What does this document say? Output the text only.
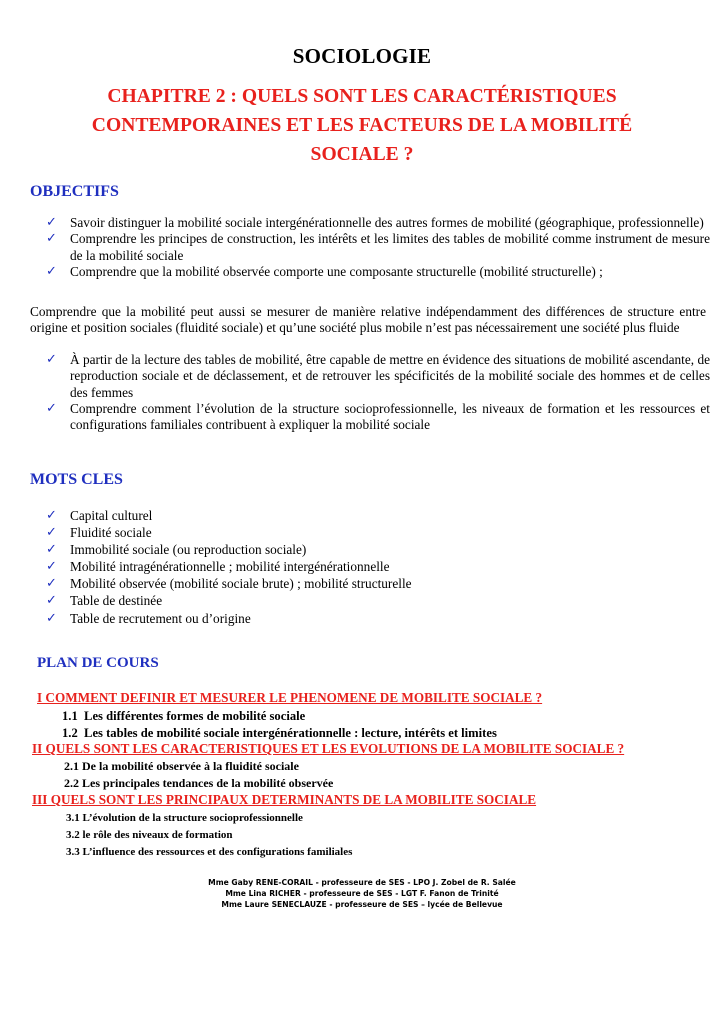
SOCIOLOGIE
CHAPITRE 2 : QUELS SONT LES CARACTÉRISTIQUES
CONTEMPORAINES ET LES FACTEURS DE LA MOBILITÉ
SOCIALE ?
OBJECTIFS
✓ Savoir distinguer la mobilité sociale intergénérationnelle des autres formes de mobilité (géographique, professionnelle)
✓ Comprendre les principes de construction, les intérêts et les limites des tables de mobilité comme instrument de mesure de la mobilité sociale
✓ Comprendre que la mobilité observée comporte une composante structurelle (mobilité structurelle) ;
Comprendre que la mobilité peut aussi se mesurer de manière relative indépendamment des différences de structure entre origine et position sociales (fluidité sociale) et qu’une société plus mobile n’est pas nécessairement une société plus fluide
✓ À partir de la lecture des tables de mobilité, être capable de mettre en évidence des situations de mobilité ascendante, de reproduction sociale et de déclassement, et de retrouver les spécificités de la mobilité sociale des hommes et de celles des femmes
✓ Comprendre comment l’évolution de la structure socioprofessionnelle, les niveaux de formation et les ressources et configurations familiales contribuent à expliquer la mobilité sociale
MOTS CLES
✓ Capital culturel
✓ Fluidité sociale
✓ Immobilité sociale (ou reproduction sociale)
✓ Mobilité intragénérationnelle ; mobilité intergénérationnelle
✓ Mobilité observée (mobilité sociale brute) ; mobilité structurelle
✓ Table de destinée
✓ Table de recrutement ou d’origine
PLAN DE COURS
I COMMENT DEFINIR ET MESURER LE PHENOMENE DE MOBILITE SOCIALE ?
1.1 Les différentes formes de mobilité sociale
1.2 Les tables de mobilité sociale intergénérationnelle : lecture, intérêts et limites
II QUELS SONT LES CARACTERISTIQUES ET LES EVOLUTIONS DE LA MOBILITE SOCIALE ?
2.1 De la mobilité observée à la fluidité sociale
2.2 Les principales tendances de la mobilité observée
III QUELS SONT LES PRINCIPAUX DETERMINANTS DE LA MOBILITE SOCIALE
3.1 L’évolution de la structure socioprofessionnelle
3.2 le rôle des niveaux de formation
3.3 L’influence des ressources et des configurations familiales
Mme Gaby RENE-CORAIL - professeure de SES - LPO J. Zobel de R. Salée
Mme Lina RICHER - professeure de SES - LGT F. Fanon de Trinité
Mme Laure SENECLAUZE - professeure de SES – lycée de Bellevue
